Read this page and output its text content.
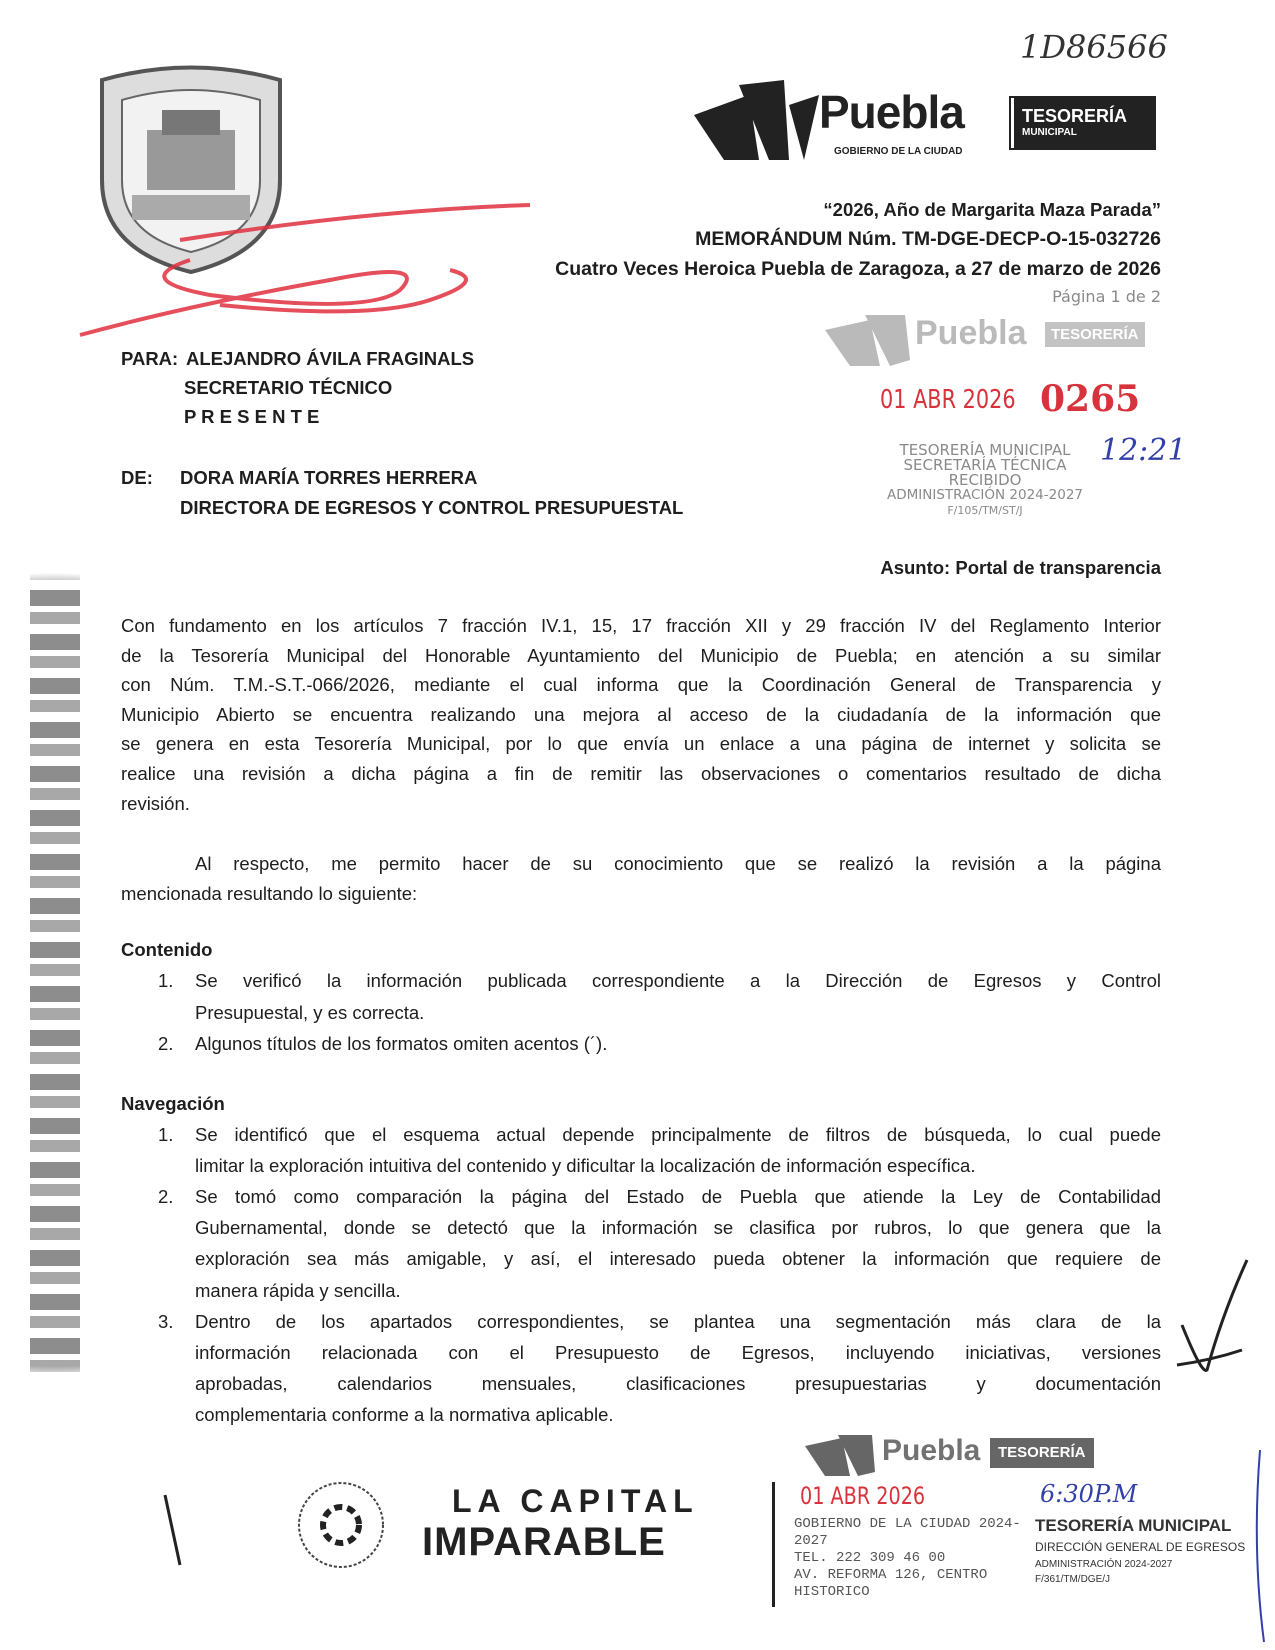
Puebla
GOBIERNO DE LA CIUDAD
TESORERÍA
MUNICIPAL
1D86566
“2026, Año de Margarita Maza Parada”
MEMORÁNDUM Núm. TM-DGE-DECP-O-15-032726
Cuatro Veces Heroica Puebla de Zaragoza, a 27 de marzo de 2026
Página 1 de 2
Puebla	TESORERÍA
01 ABR 2026 0265
12:21
TESORERÍA MUNICIPAL
SECRETARÍA TÉCNICA
RECIBIDO
ADMINISTRACIÓN 2024-2027
F/105/TM/ST/J
PARA: ALEJANDRO ÁVILA FRAGINALS
SECRETARIO TÉCNICO
P R E S E N T E
DE: DORA MARÍA TORRES HERRERA
DIRECTORA DE EGRESOS Y CONTROL PRESUPUESTAL
Asunto: Portal de transparencia
Con fundamento en los artículos 7 fracción IV.1, 15, 17 fracción XII y 29 fracción IV del Reglamento Interior
de la Tesorería Municipal del Honorable Ayuntamiento del Municipio de Puebla; en atención a su similar
con Núm. T.M.-S.T.-066/2026, mediante el cual informa que la Coordinación General de Transparencia y
Municipio Abierto se encuentra realizando una mejora al acceso de la ciudadanía de la información que
se genera en esta Tesorería Municipal, por lo que envía un enlace a una página de internet y solicita se
realice una revisión a dicha página a fin de remitir las observaciones o comentarios resultado de dicha
revisión.
Al respecto, me permito hacer de su conocimiento que se realizó la revisión a la página
mencionada resultando lo siguiente:
Contenido
1. Se verificó la información publicada correspondiente a la Dirección de Egresos y Control
Presupuestal, y es correcta.
2. Algunos títulos de los formatos omiten acentos (´).
Navegación
1. Se identificó que el esquema actual depende principalmente de filtros de búsqueda, lo cual puede
limitar la exploración intuitiva del contenido y dificultar la localización de información específica.
2. Se tomó como comparación la página del Estado de Puebla que atiende la Ley de Contabilidad
Gubernamental, donde se detectó que la información se clasifica por rubros, lo que genera que la
exploración sea más amigable, y así, el interesado pueda obtener la información que requiere de
manera rápida y sencilla.
3. Dentro de los apartados correspondientes, se plantea una segmentación más clara de la
información relacionada con el Presupuesto de Egresos, incluyendo iniciativas, versiones
aprobadas, calendarios mensuales, clasificaciones presupuestarias y documentación
complementaria conforme a la normativa aplicable.
Puebla	TESORERÍA
01 ABR 2026	6:30P.M
GOBIERNO DE LA CIUDAD 2024-
2027
TEL. 222 309 46 00
AV. REFORMA 126, CENTRO
HISTORICO
TESORERÍA MUNICIPAL
DIRECCIÓN GENERAL DE EGRESOS
ADMINISTRACIÓN 2024-2027
F/361/TM/DGE/J
LA CAPITAL
IMPARABLE
